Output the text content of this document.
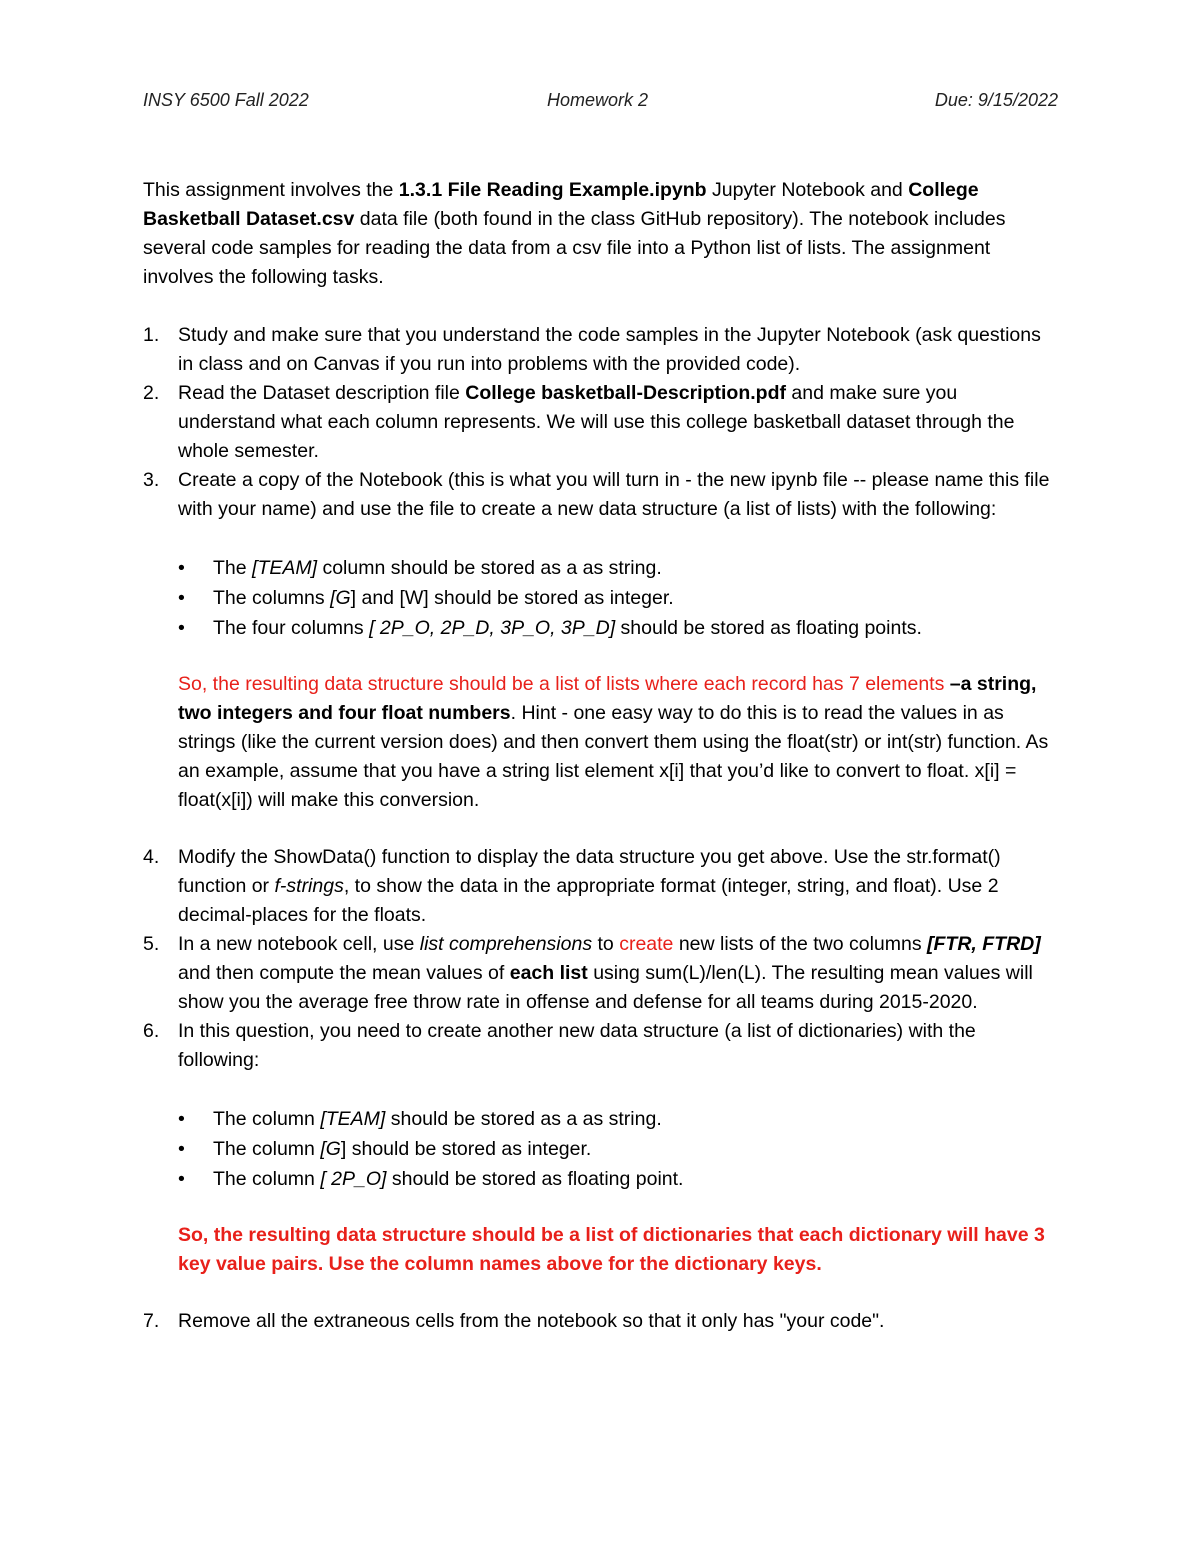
INSY 6500 Fall 2022	Homework 2	Due: 9/15/2022

This assignment involves the 1.3.1 File Reading Example.ipynb Jupyter Notebook and College Basketball Dataset.csv data file (both found in the class GitHub repository). The notebook includes several code samples for reading the data from a csv file into a Python list of lists. The assignment involves the following tasks.

1. Study and make sure that you understand the code samples in the Jupyter Notebook (ask questions in class and on Canvas if you run into problems with the provided code).
2. Read the Dataset description file College basketball-Description.pdf and make sure you understand what each column represents. We will use this college basketball dataset through the whole semester.
3. Create a copy of the Notebook (this is what you will turn in - the new ipynb file -- please name this file with your name) and use the file to create a new data structure (a list of lists) with the following:
• The [TEAM] column should be stored as a as string.
• The columns [G] and [W] should be stored as integer.
• The four columns [ 2P_O, 2P_D, 3P_O, 3P_D] should be stored as floating points.

So, the resulting data structure should be a list of lists where each record has 7 elements –a string, two integers and four float numbers. Hint - one easy way to do this is to read the values in as strings (like the current version does) and then convert them using the float(str) or int(str) function. As an example, assume that you have a string list element x[i] that you’d like to convert to float. x[i] = float(x[i]) will make this conversion.

4. Modify the ShowData() function to display the data structure you get above. Use the str.format() function or f-strings, to show the data in the appropriate format (integer, string, and float). Use 2 decimal-places for the floats.
5. In a new notebook cell, use list comprehensions to create new lists of the two columns [FTR, FTRD] and then compute the mean values of each list using sum(L)/len(L). The resulting mean values will show you the average free throw rate in offense and defense for all teams during 2015-2020.
6. In this question, you need to create another new data structure (a list of dictionaries) with the following:
• The column [TEAM] should be stored as a as string.
• The column [G] should be stored as integer.
• The column [ 2P_O] should be stored as floating point.

So, the resulting data structure should be a list of dictionaries that each dictionary will have 3 key value pairs. Use the column names above for the dictionary keys.

7. Remove all the extraneous cells from the notebook so that it only has "your code".
